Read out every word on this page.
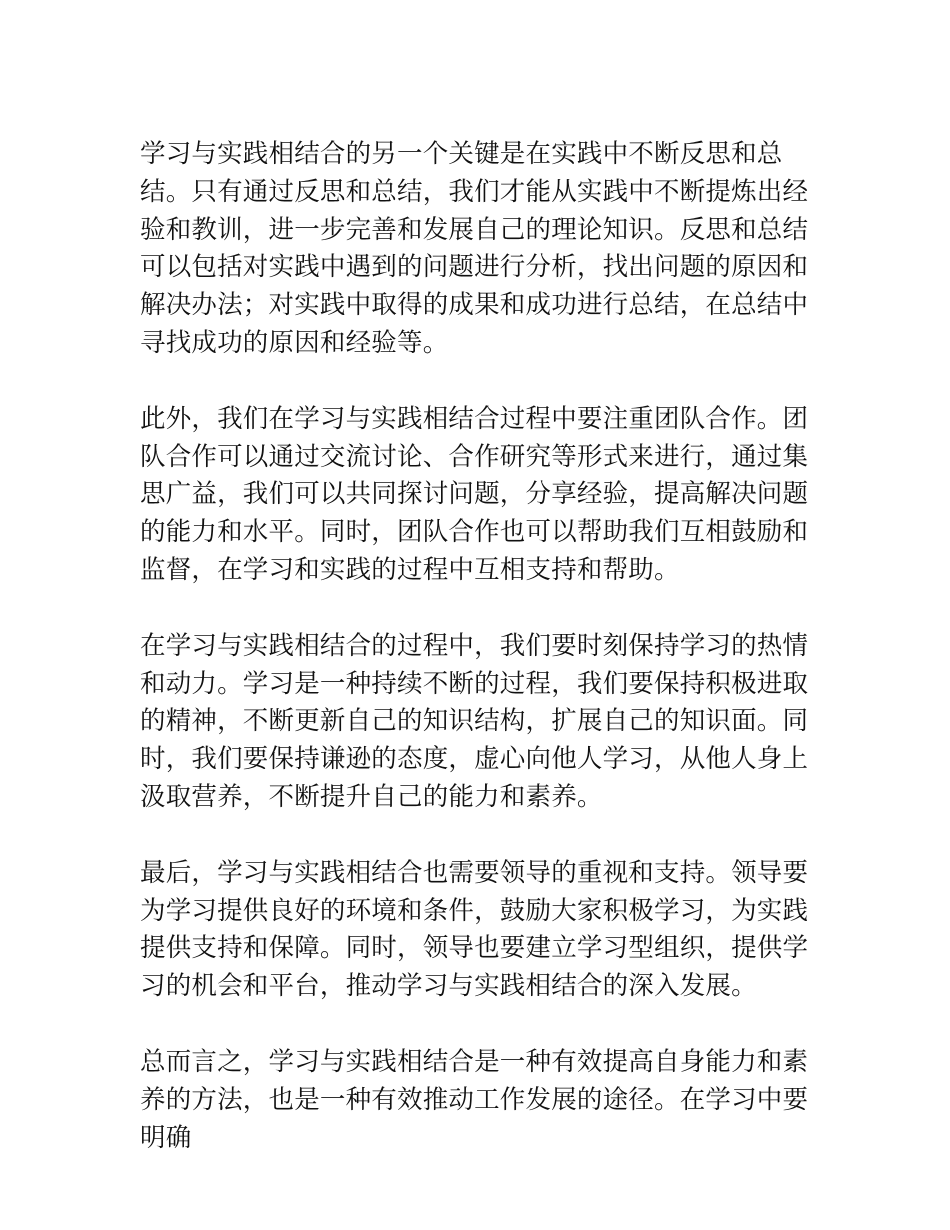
学习与实践相结合的另一个关键是在实践中不断反思和总结。只有通过反思和总结，我们才能从实践中不断提炼出经验和教训，进一步完善和发展自己的理论知识。反思和总结可以包括对实践中遇到的问题进行分析，找出问题的原因和解决办法；对实践中取得的成果和成功进行总结，在总结中寻找成功的原因和经验等。

此外，我们在学习与实践相结合过程中要注重团队合作。团队合作可以通过交流讨论、合作研究等形式来进行，通过集思广益，我们可以共同探讨问题，分享经验，提高解决问题的能力和水平。同时，团队合作也可以帮助我们互相鼓励和监督，在学习和实践的过程中互相支持和帮助。

在学习与实践相结合的过程中，我们要时刻保持学习的热情和动力。学习是一种持续不断的过程，我们要保持积极进取的精神，不断更新自己的知识结构，扩展自己的知识面。同时，我们要保持谦逊的态度，虚心向他人学习，从他人身上汲取营养，不断提升自己的能力和素养。

最后，学习与实践相结合也需要领导的重视和支持。领导要为学习提供良好的环境和条件，鼓励大家积极学习，为实践提供支持和保障。同时，领导也要建立学习型组织，提供学习的机会和平台，推动学习与实践相结合的深入发展。

总而言之，学习与实践相结合是一种有效提高自身能力和素养的方法，也是一种有效推动工作发展的途径。在学习中要明确
